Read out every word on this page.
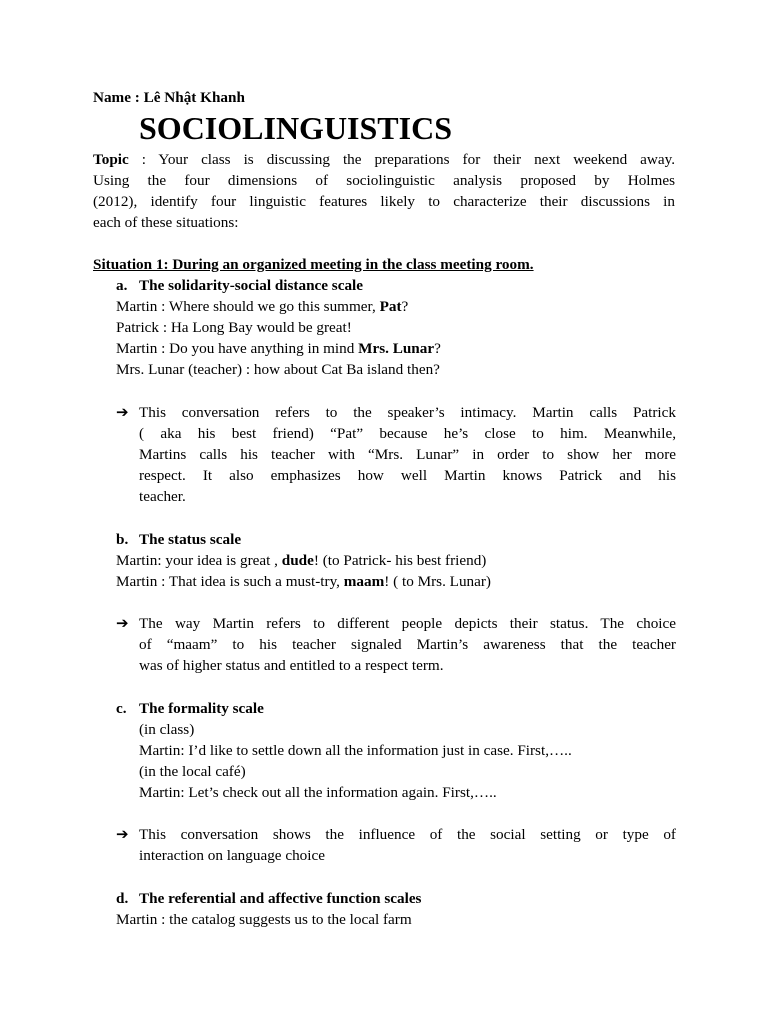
Name : Lê Nhật Khanh
SOCIOLINGUISTICS
Topic : Your class is discussing the preparations for their next weekend away.
Using the four dimensions of sociolinguistic analysis proposed by Holmes
(2012), identify four linguistic features likely to characterize their discussions in
each of these situations:
Situation 1: During an organized meeting in the class meeting room.
a. The solidarity-social distance scale
Martin : Where should we go this summer, Pat?
Patrick : Ha Long Bay would be great!
Martin : Do you have anything in mind Mrs. Lunar?
Mrs. Lunar (teacher) : how about Cat Ba island then?
➔ This conversation refers to the speaker’s intimacy. Martin calls Patrick
( aka his best friend) “Pat” because he’s close to him. Meanwhile,
Martins calls his teacher with “Mrs. Lunar” in order to show her more
respect. It also emphasizes how well Martin knows Patrick and his
teacher.
b. The status scale
Martin: your idea is great , dude! (to Patrick- his best friend)
Martin : That idea is such a must-try, maam! ( to Mrs. Lunar)
➔ The way Martin refers to different people depicts their status. The choice
of “maam” to his teacher signaled Martin’s awareness that the teacher
was of higher status and entitled to a respect term.
c. The formality scale
(in class)
Martin: I’d like to settle down all the information just in case. First,…..
(in the local café)
Martin: Let’s check out all the information again. First,…..
➔ This conversation shows the influence of the social setting or type of
interaction on language choice
d. The referential and affective function scales
Martin : the catalog suggests us to the local farm
